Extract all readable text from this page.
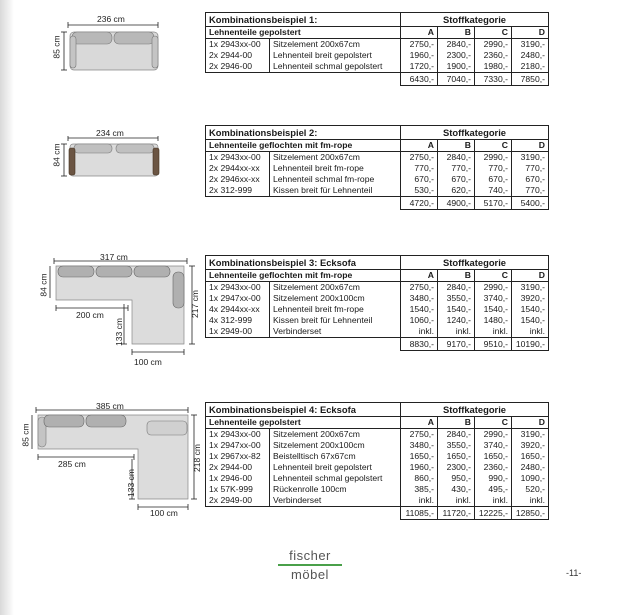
236 cm
85 cm
234 cm
84 cm
317 cm
84 cm
200 cm
133 cm
217 cm
100 cm
385 cm
85 cm
285 cm
133 cm
218 cm
100 cm
Kombinationsbeispiel 1:		Stoffkategorie			
Lehnenteile gepolstert		A	B	C	D
1x 2943xx-00	Sitzelement 200x67cm	2750,-	2840,-	2990,-	3190,-
2x 2944-00	Lehnenteil breit gepolstert	1960,-	2300,-	2360,-	2480,-
2x 2946-00	Lehnenteil schmal gepolstert	1720,-	1900,-	1980,-	2180,-
		6430,-	7040,-	7330,-	7850,-
Kombinationsbeispiel 2:		Stoffkategorie			
Lehnenteile geflochten mit fm-rope		A	B	C	D
1x 2943xx-00	Sitzelement 200x67cm	2750,-	2840,-	2990,-	3190,-
2x 2944xx-xx	Lehnenteil breit fm-rope	770,-	770,-	770,-	770,-
2x 2946xx-xx	Lehnenteil schmal fm-rope	670,-	670,-	670,-	670,-
2x 312-999	Kissen breit für Lehnenteil	530,-	620,-	740,-	770,-
		4720,-	4900,-	5170,-	5400,-
Kombinationsbeispiel 3: Ecksofa		Stoffkategorie			
Lehnenteile geflochten mit fm-rope		A	B	C	D
1x 2943xx-00	Sitzelement 200x67cm	2750,-	2840,-	2990,-	3190,-
1x 2947xx-00	Sitzelement 200x100cm	3480,-	3550,-	3740,-	3920,-
4x 2944xx-xx	Lehnenteil breit fm-rope	1540,-	1540,-	1540,-	1540,-
4x 312-999	Kissen breit für Lehnenteil	1060,-	1240,-	1480,-	1540,-
1x 2949-00	Verbinderset	inkl.	inkl.	inkl.	inkl.
		8830,-	9170,-	9510,-	10190,-
Kombinationsbeispiel 4: Ecksofa		Stoffkategorie			
Lehnenteile gepolstert		A	B	C	D
1x 2943xx-00	Sitzelement 200x67cm	2750,-	2840,-	2990,-	3190,-
1x 2947xx-00	Sitzelement 200x100cm	3480,-	3550,-	3740,-	3920,-
1x 2967xx-82	Beistelltisch 67x67cm	1650,-	1650,-	1650,-	1650,-
2x 2944-00	Lehnenteil breit gepolstert	1960,-	2300,-	2360,-	2480,-
1x 2946-00	Lehnenteil schmal gepolstert	860,-	950,-	990,-	1090,-
1x 57K-999	Rückenrolle 100cm	385,-	430,-	495,-	520,-
2x 2949-00	Verbinderset	inkl.	inkl.	inkl.	inkl.
		11085,-	11720,-	12225,-	12850,-
fischer
möbel	-11-
